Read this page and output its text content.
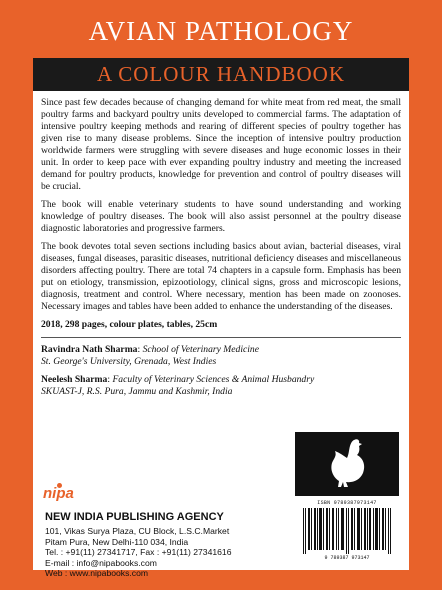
AVIAN PATHOLOGY
A COLOUR HANDBOOK

Since past few decades because of changing demand for white meat from red meat, the small poultry farms and backyard poultry units developed to commercial farms. The adaptation of intensive poultry keeping methods and rearing of different species of poultry together has given rise to many disease problems. Since the inception of intensive poultry production worldwide farmers were struggling with severe diseases and huge economic losses in their unit. In order to keep pace with ever expanding poultry industry and meeting the increased demand for poultry products, knowledge for prevention and control of poultry diseases will be crucial.

The book will enable veterinary students to have sound understanding and working knowledge of poultry diseases. The book will also assist personnel at the poultry disease diagnostic laboratories and progressive farmers.

The book devotes total seven sections including basics about avian, bacterial diseases, viral diseases, fungal diseases, parasitic diseases, nutritional deficiency diseases and miscellaneous disorders affecting poultry. There are total 74 chapters in a capsule form. Emphasis has been put on etiology, transmission, epizootiology, clinical signs, gross and microscopic lesions, diagnosis, treatment and control. Where necessary, mention has been made on zoonoses. Necessary images and tables have been added to enhance the understanding of the diseases.

2018, 298 pages, colour plates, tables, 25cm
Ravindra Nath Sharma: School of Veterinary Medicine
St. George's University, Grenada, West Indies
Neelesh Sharma: Faculty of Veterinary Sciences & Animal Husbandry
SKUAST-J, R.S. Pura, Jammu and Kashmir, India
ISBN 9789387973147
9 789387 973147
nipa
NEW INDIA PUBLISHING AGENCY
101, Vikas Surya Plaza, CU Block, L.S.C.Market
Pitam Pura, New Delhi-110 034, India
Tel. : +91(11) 27341717, Fax : +91(11) 27341616
E-mail : info@nipabooks.com
Web : www.nipabooks.com
